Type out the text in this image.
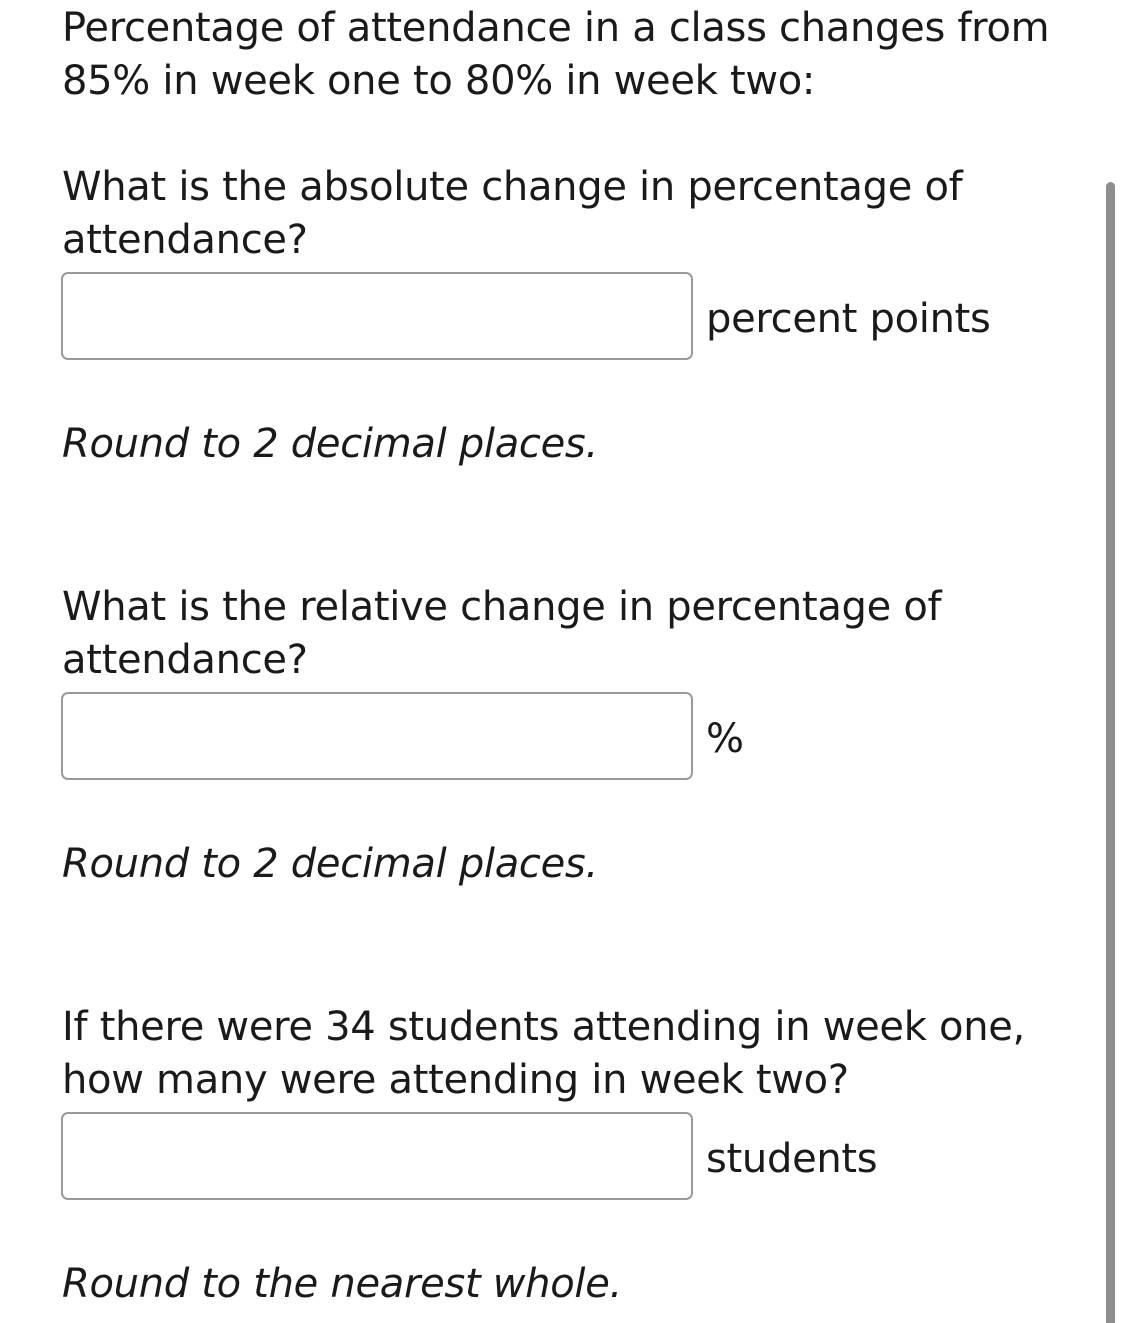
Percentage of attendance in a class changes from 85% in week one to 80% in week two:

What is the absolute change in percentage of attendance?

percent points
Round to 2 decimal places.

What is the relative change in percentage of attendance?

%
Round to 2 decimal places.

If there were 34 students attending in week one, how many were attending in week two?

students
Round to the nearest whole.
